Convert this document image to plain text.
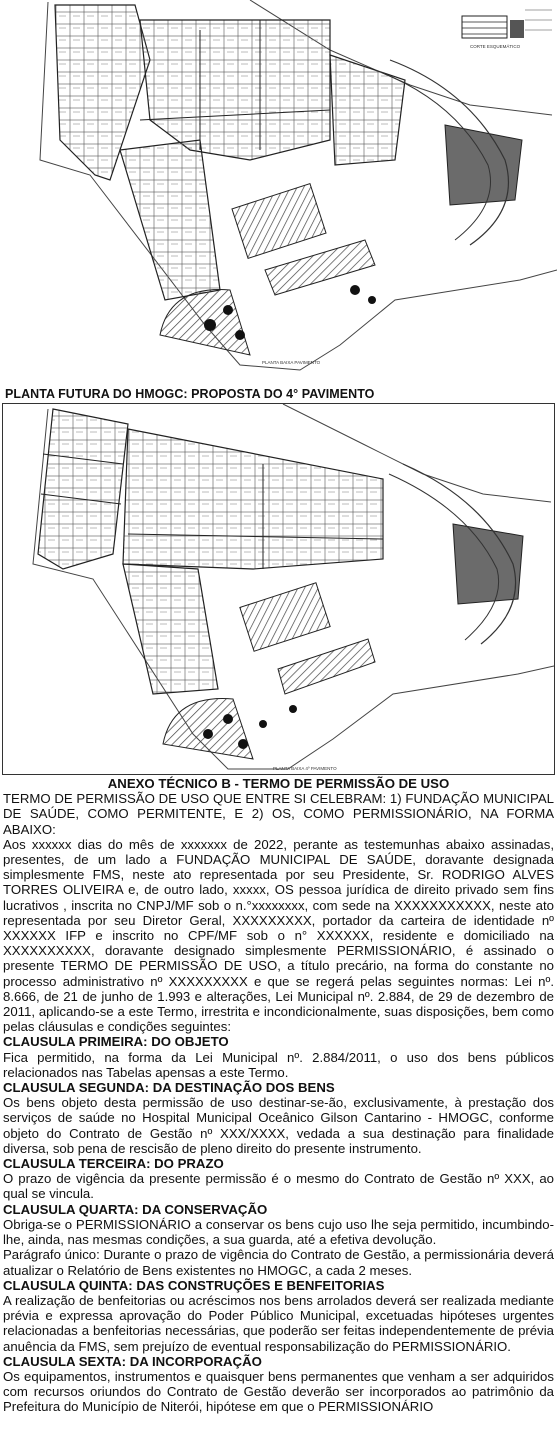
CORTE ESQUEMÁTICO
PLANTA BAIXA PAVIMENTO
PLANTA FUTURA DO HMOGC: PROPOSTA DO 4° PAVIMENTO
PLANTA BAIXA 4º PAVIMENTO
ANEXO TÉCNICO B - TERMO DE PERMISSÃO DE USO

TERMO DE PERMISSÃO DE USO QUE ENTRE SI CELEBRAM: 1) FUNDAÇÃO MUNICIPAL DE SAÚDE, COMO PERMITENTE, E 2) OS, COMO PERMISSIONÁRIO, NA FORMA ABAIXO:

Aos xxxxxx dias do mês de xxxxxxx de 2022, perante as testemunhas abaixo assinadas, presentes, de um lado a FUNDAÇÃO MUNICIPAL DE SAÚDE, doravante designada simplesmente FMS, neste ato representada por seu Presidente, Sr. RODRIGO ALVES TORRES OLIVEIRA e, de outro lado, xxxxx, OS pessoa jurídica de direito privado sem fins lucrativos , inscrita no CNPJ/MF sob o n.°xxxxxxxx, com sede na XXXXXXXXXXX, neste ato representada por seu Diretor Geral, XXXXXXXXX, portador da carteira de identidade nº XXXXXX IFP e inscrito no CPF/MF sob o n° XXXXXX, residente e domiciliado na XXXXXXXXXX, doravante designado simplesmente PERMISSIONÁRIO, é assinado o presente TERMO DE PERMISSÃO DE USO, a título precário, na forma do constante no processo administrativo nº XXXXXXXXX e que se regerá pelas seguintes normas: Lei nº. 8.666, de 21 de junho de 1.993 e alterações, Lei Municipal nº. 2.884, de 29 de dezembro de 2011, aplicando-se a este Termo, irrestrita e incondicionalmente, suas disposições, bem como pelas cláusulas e condições seguintes:

CLAUSULA PRIMEIRA: DO OBJETO

Fica permitido, na forma da Lei Municipal nº. 2.884/2011, o uso dos bens públicos relacionados nas Tabelas apensas a este Termo.

CLAUSULA SEGUNDA: DA DESTINAÇÃO DOS BENS

Os bens objeto desta permissão de uso destinar-se-ão, exclusivamente, à prestação dos serviços de saúde no Hospital Municipal Oceânico Gilson Cantarino - HMOGC, conforme objeto do Contrato de Gestão nº XXX/XXXX, vedada a sua destinação para finalidade diversa, sob pena de rescisão de pleno direito do presente instrumento.

CLAUSULA TERCEIRA: DO PRAZO

O prazo de vigência da presente permissão é o mesmo do Contrato de Gestão nº XXX, ao qual se vincula.

CLAUSULA QUARTA: DA CONSERVAÇÃO

Obriga-se o PERMISSIONÁRIO a conservar os bens cujo uso lhe seja permitido, incumbindo-lhe, ainda, nas mesmas condições, a sua guarda, até a efetiva devolução.

Parágrafo único: Durante o prazo de vigência do Contrato de Gestão, a permissionária deverá atualizar o Relatório de Bens existentes no HMOGC, a cada 2 meses.

CLAUSULA QUINTA: DAS CONSTRUÇÕES E BENFEITORIAS

A realização de benfeitorias ou acréscimos nos bens arrolados deverá ser realizada mediante prévia e expressa aprovação do Poder Público Municipal, excetuadas hipóteses urgentes relacionadas a benfeitorias necessárias, que poderão ser feitas independentemente de prévia anuência da FMS, sem prejuízo de eventual responsabilização do PERMISSIONÁRIO.

CLAUSULA SEXTA: DA INCORPORAÇÃO

Os equipamentos, instrumentos e quaisquer bens permanentes que venham a ser adquiridos com recursos oriundos do Contrato de Gestão deverão ser incorporados ao patrimônio da Prefeitura do Município de Niterói, hipótese em que o PERMISSIONÁRIO
